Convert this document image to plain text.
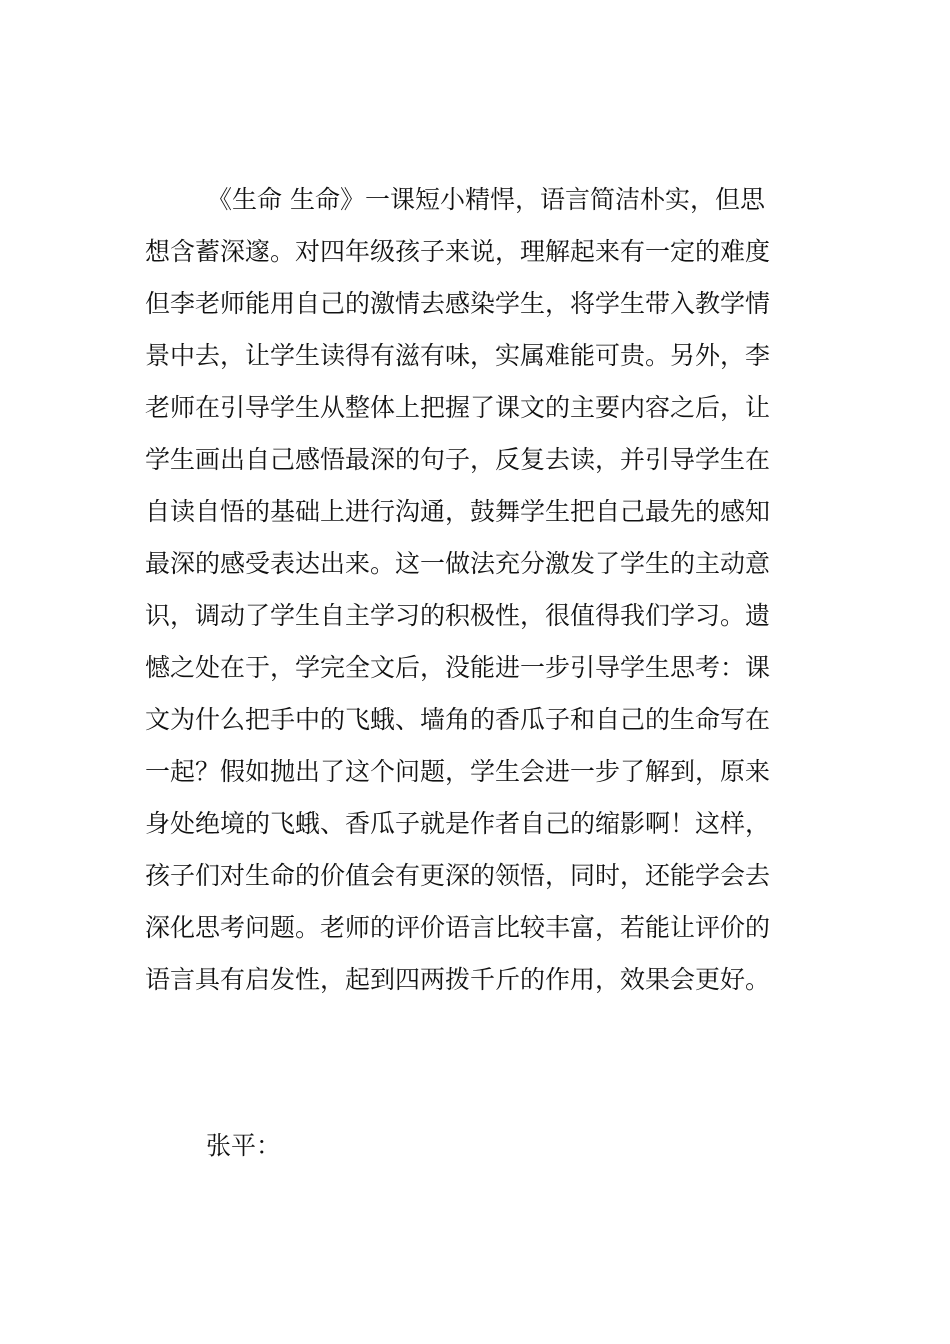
《生命 生命》一课短小精悍，语言简洁朴实，但思
想含蓄深邃。对四年级孩子来说，理解起来有一定的难度
但李老师能用自己的激情去感染学生，将学生带入教学情
景中去，让学生读得有滋有味，实属难能可贵。另外，李
老师在引导学生从整体上把握了课文的主要内容之后，让
学生画出自己感悟最深的句子，反复去读，并引导学生在
自读自悟的基础上进行沟通，鼓舞学生把自己最先的感知
最深的感受表达出来。这一做法充分激发了学生的主动意
识，调动了学生自主学习的积极性，很值得我们学习。遗
憾之处在于，学完全文后，没能进一步引导学生思考：课
文为什么把手中的飞蛾、墙角的香瓜子和自己的生命写在
一起？假如抛出了这个问题，学生会进一步了解到，原来
身处绝境的飞蛾、香瓜子就是作者自己的缩影啊！这样，
孩子们对生命的价值会有更深的领悟，同时，还能学会去
深化思考问题。老师的评价语言比较丰富，若能让评价的
语言具有启发性，起到四两拨千斤的作用，效果会更好。

张平：
